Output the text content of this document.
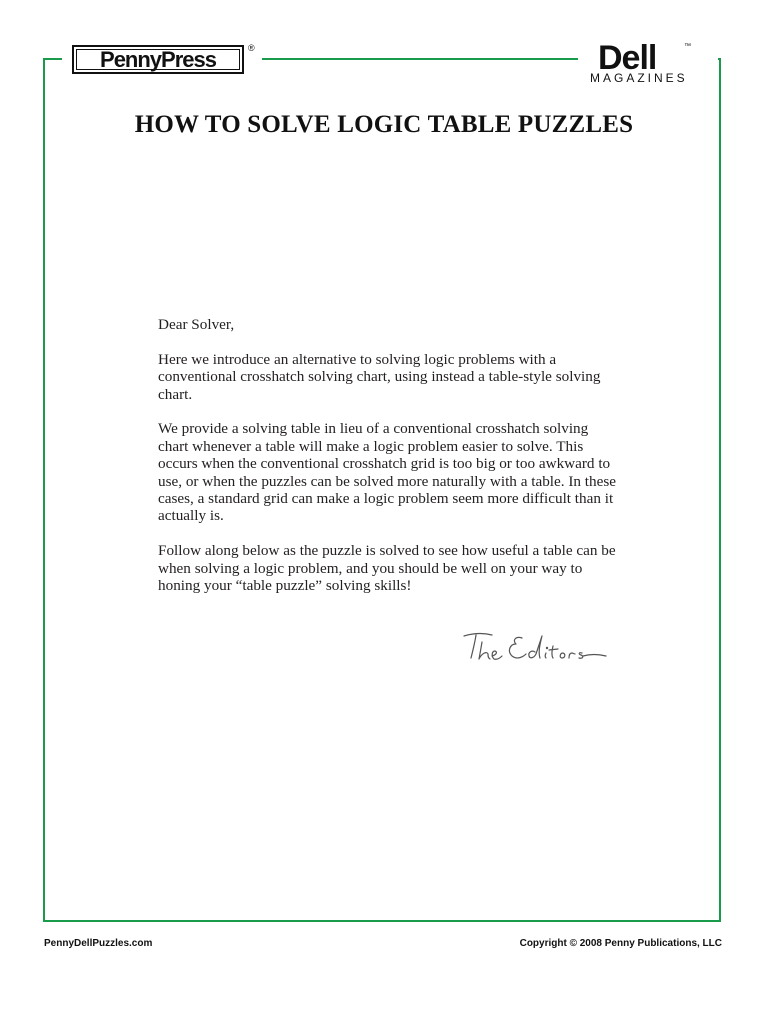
PennyPress	®	Dell	™
MAGAZINES
HOW TO SOLVE LOGIC TABLE PUZZLES

Dear Solver,

Here we introduce an alternative to solving logic problems with a conventional crosshatch solving chart, using instead a table-style solving chart.

We provide a solving table in lieu of a conventional crosshatch solving chart whenever a table will make a logic problem easier to solve. This occurs when the conventional crosshatch grid is too big or too awkward to use, or when the puzzles can be solved more naturally with a table. In these cases, a standard grid can make a logic problem seem more difficult than it actually is.

Follow along below as the puzzle is solved to see how useful a table can be when solving a logic problem, and you should be well on your way to honing your “table puzzle” solving skills!

PennyDellPuzzles.com	Copyright © 2008 Penny Publications, LLC
